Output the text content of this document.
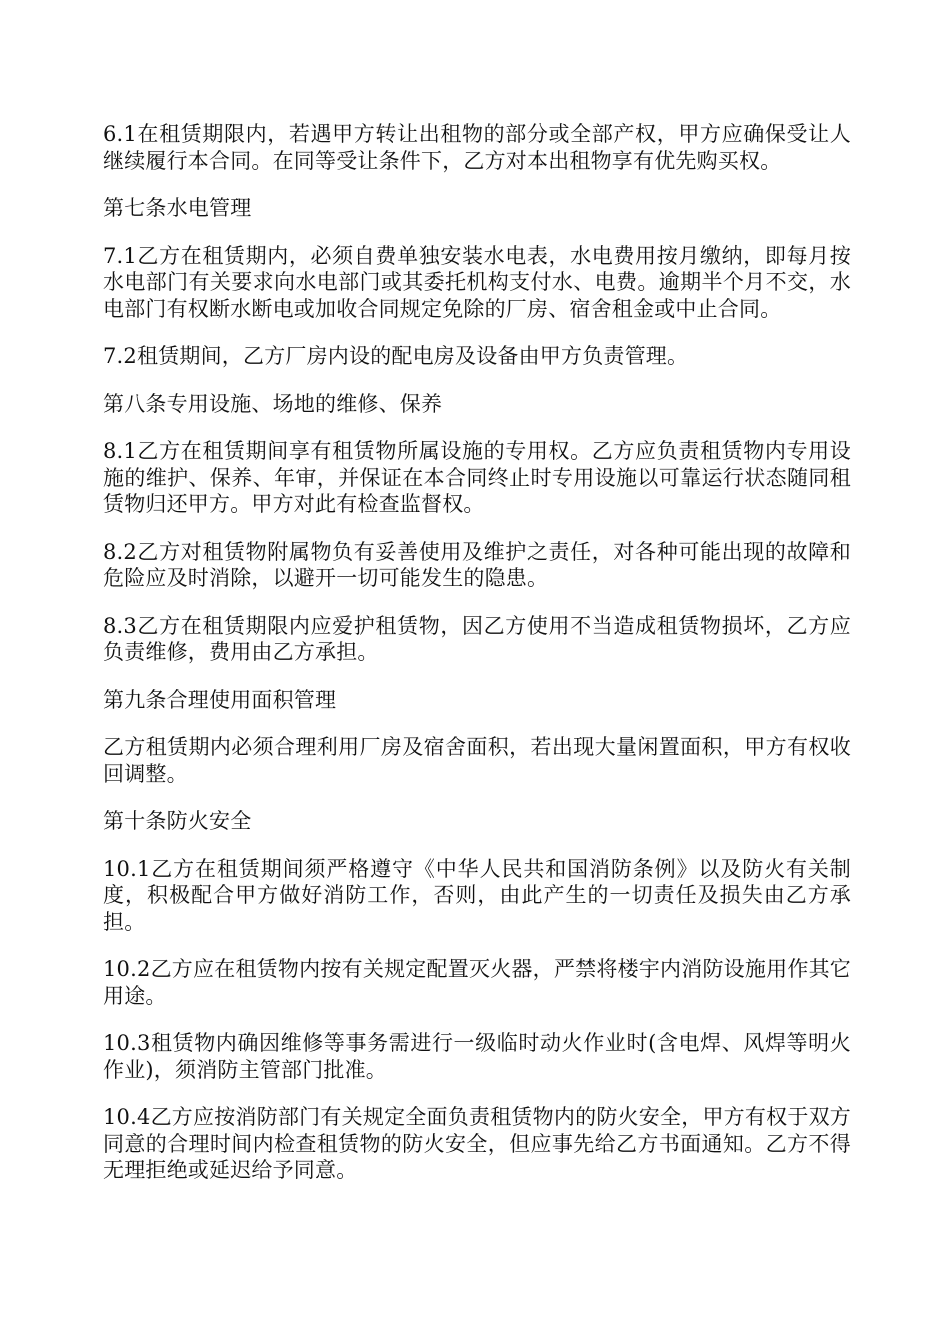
6.1在租赁期限内，若遇甲方转让出租物的部分或全部产权，甲方应确保受让人继续履行本合同。在同等受让条件下，乙方对本出租物享有优先购买权。

第七条水电管理

7.1乙方在租赁期内，必须自费单独安装水电表，水电费用按月缴纳，即每月按水电部门有关要求向水电部门或其委托机构支付水、电费。逾期半个月不交，水电部门有权断水断电或加收合同规定免除的厂房、宿舍租金或中止合同。

7.2租赁期间，乙方厂房内设的配电房及设备由甲方负责管理。

第八条专用设施、场地的维修、保养

8.1乙方在租赁期间享有租赁物所属设施的专用权。乙方应负责租赁物内专用设施的维护、保养、年审，并保证在本合同终止时专用设施以可靠运行状态随同租赁物归还甲方。甲方对此有检查监督权。

8.2乙方对租赁物附属物负有妥善使用及维护之责任，对各种可能出现的故障和危险应及时消除，以避开一切可能发生的隐患。

8.3乙方在租赁期限内应爱护租赁物，因乙方使用不当造成租赁物损坏，乙方应负责维修，费用由乙方承担。

第九条合理使用面积管理

乙方租赁期内必须合理利用厂房及宿舍面积，若出现大量闲置面积，甲方有权收回调整。

第十条防火安全

10.1乙方在租赁期间须严格遵守《中华人民共和国消防条例》以及防火有关制度，积极配合甲方做好消防工作，否则，由此产生的一切责任及损失由乙方承担。

10.2乙方应在租赁物内按有关规定配置灭火器，严禁将楼宇内消防设施用作其它用途。

10.3租赁物内确因维修等事务需进行一级临时动火作业时(含电焊、风焊等明火作业)，须消防主管部门批准。

10.4乙方应按消防部门有关规定全面负责租赁物内的防火安全，甲方有权于双方同意的合理时间内检查租赁物的防火安全，但应事先给乙方书面通知。乙方不得无理拒绝或延迟给予同意。
